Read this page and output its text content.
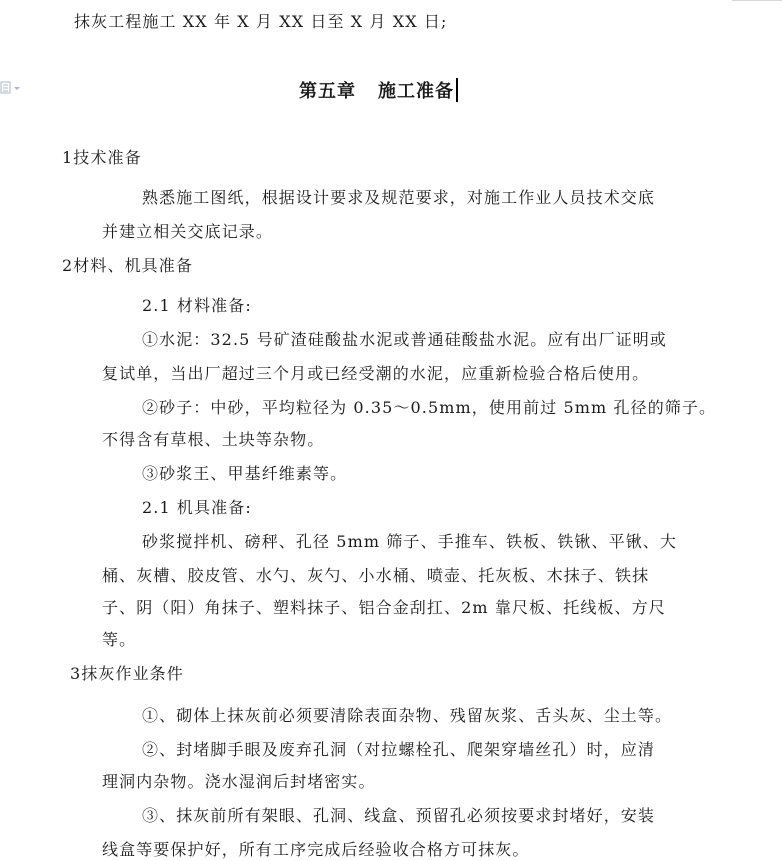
抹灰工程施工 XX 年 X 月 XX 日至 X 月 XX 日;
第五章 施工准备
1技术准备
熟悉施工图纸，根据设计要求及规范要求，对施工作业人员技术交底
并建立相关交底记录。
2材料、机具准备
2.1 材料准备:
①水泥：32.5 号矿渣硅酸盐水泥或普通硅酸盐水泥。应有出厂证明或
复试单，当出厂超过三个月或已经受潮的水泥，应重新检验合格后使用。
②砂子：中砂，平均粒径为 0.35～0.5mm，使用前过 5mm 孔径的筛子。
不得含有草根、土块等杂物。
③砂浆王、甲基纤维素等。
2.1 机具准备:
砂浆搅拌机、磅秤、孔径 5mm 筛子、手推车、铁板、铁锹、平锹、大
桶、灰槽、胶皮管、水勺、灰勺、小水桶、喷壶、托灰板、木抹子、铁抹
子、阴（阳）角抹子、塑料抹子、铝合金刮扛、2m 靠尺板、托线板、方尺
等。
3抹灰作业条件
①、砌体上抹灰前必须要清除表面杂物、残留灰浆、舌头灰、尘土等。
②、封堵脚手眼及废弃孔洞（对拉螺栓孔、爬架穿墙丝孔）时，应清
理洞内杂物。浇水湿润后封堵密实。
③、抹灰前所有架眼、孔洞、线盒、预留孔必须按要求封堵好，安装
线盒等要保护好，所有工序完成后经验收合格方可抹灰。
